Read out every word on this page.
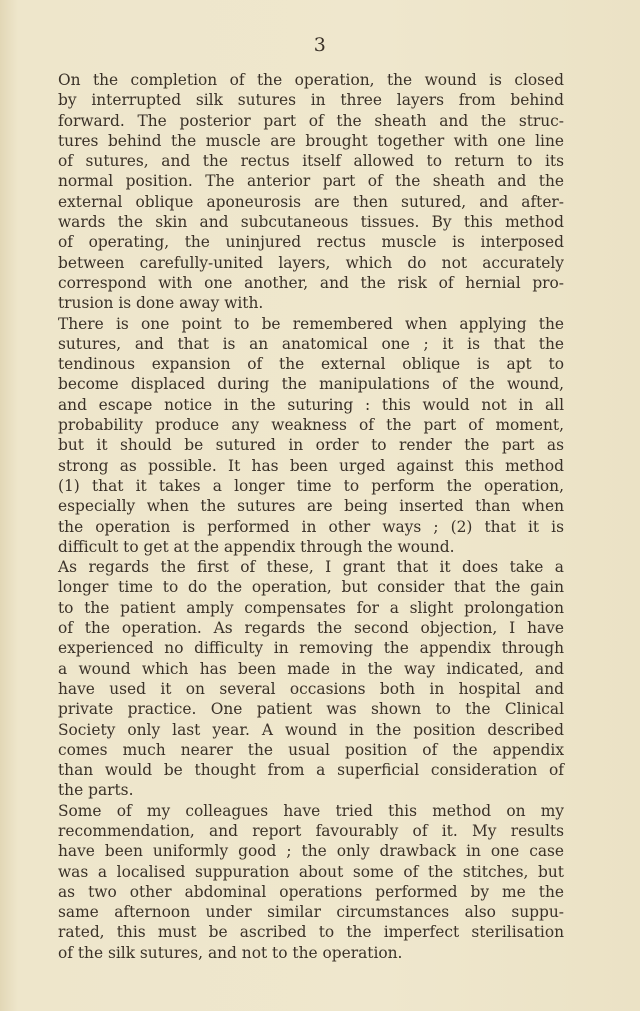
3

On the completion of the operation, the wound is closed
by interrupted silk sutures in three layers from behind
forward. The posterior part of the sheath and the struc-
tures behind the muscle are brought together with one line
of sutures, and the rectus itself allowed to return to its
normal position. The anterior part of the sheath and the
external oblique aponeurosis are then sutured, and after-
wards the skin and subcutaneous tissues. By this method
of operating, the uninjured rectus muscle is interposed
between carefully-united layers, which do not accurately
correspond with one another, and the risk of hernial pro-
trusion is done away with.

There is one point to be remembered when applying the
sutures, and that is an anatomical one ; it is that the
tendinous expansion of the external oblique is apt to
become displaced during the manipulations of the wound,
and escape notice in the suturing : this would not in all
probability produce any weakness of the part of moment,
but it should be sutured in order to render the part as
strong as possible. It has been urged against this method
(1) that it takes a longer time to perform the operation,
especially when the sutures are being inserted than when
the operation is performed in other ways ; (2) that it is
difficult to get at the appendix through the wound.

As regards the first of these, I grant that it does take a
longer time to do the operation, but consider that the gain
to the patient amply compensates for a slight prolongation
of the operation. As regards the second objection, I have
experienced no difficulty in removing the appendix through
a wound which has been made in the way indicated, and
have used it on several occasions both in hospital and
private practice. One patient was shown to the Clinical
Society only last year. A wound in the position described
comes much nearer the usual position of the appendix
than would be thought from a superficial consideration of
the parts.

Some of my colleagues have tried this method on my
recommendation, and report favourably of it. My results
have been uniformly good ; the only drawback in one case
was a localised suppuration about some of the stitches, but
as two other abdominal operations performed by me the
same afternoon under similar circumstances also suppu-
rated, this must be ascribed to the imperfect sterilisation
of the silk sutures, and not to the operation.
